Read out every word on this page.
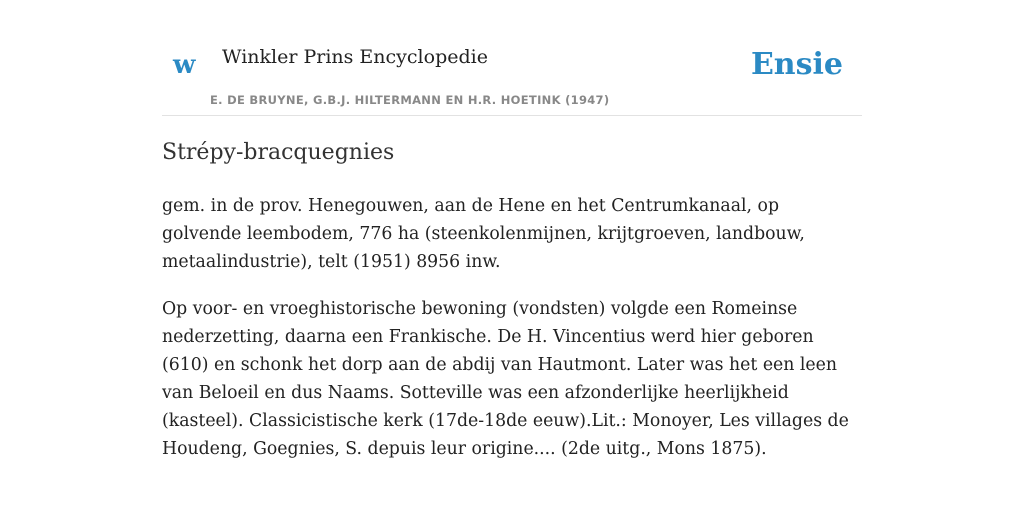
w Winkler Prins Encyclopedie
E. DE BRUYNE, G.B.J. HILTERMANN EN H.R. HOETINK (1947)
Ensie
Strépy-bracquegnies

gem. in de prov. Henegouwen, aan de Hene en het Centrumkanaal, op golvende leembodem, 776 ha (steenkolenmijnen, krijtgroeven, landbouw, metaalindustrie), telt (1951) 8956 inw.

Op voor- en vroeghistorische bewoning (vondsten) volgde een Romeinse nederzetting, daarna een Frankische. De H. Vincentius werd hier geboren (610) en schonk het dorp aan de abdij van Hautmont. Later was het een leen van Beloeil en dus Naams. Sotteville was een afzonderlijke heerlijkheid (kasteel). Classicistische kerk (17de-18de eeuw).Lit.: Monoyer, Les villages de Houdeng, Goegnies, S. depuis leur origine.... (2de uitg., Mons 1875).
